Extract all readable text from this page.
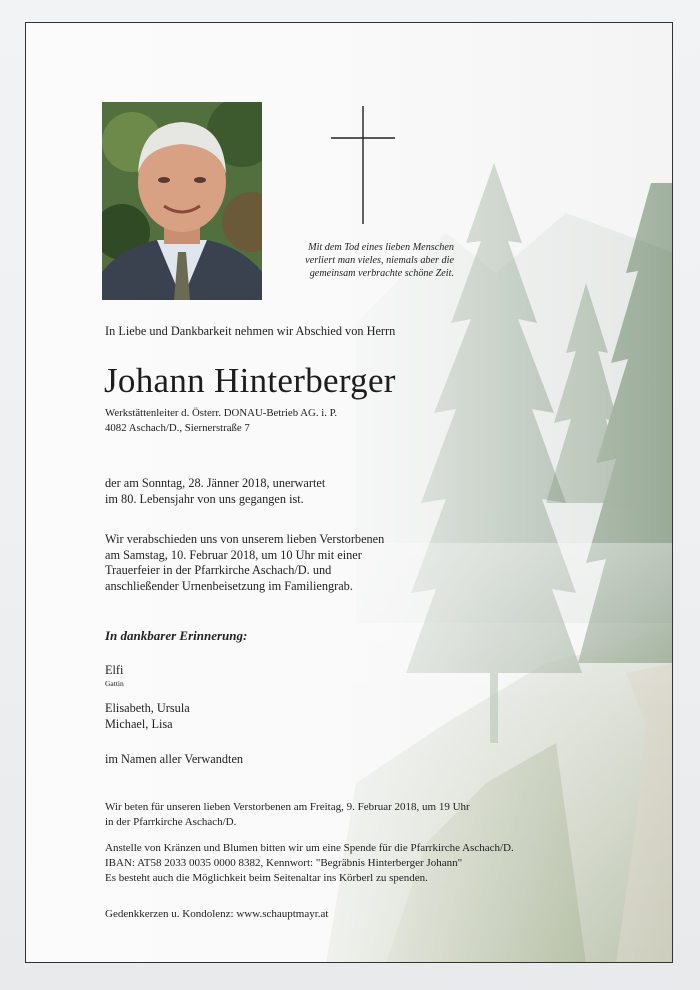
Mit dem Tod eines lieben Menschen
verliert man vieles, niemals aber die
gemeinsam verbrachte schöne Zeit.
In Liebe und Dankbarkeit nehmen wir Abschied von Herrn
Johann Hinterberger
Werkstättenleiter d. Österr. DONAU-Betrieb AG. i. P.
4082 Aschach/D., Siernerstraße 7
der am Sonntag, 28. Jänner 2018, unerwartet
im 80. Lebensjahr von uns gegangen ist.
Wir verabschieden uns von unserem lieben Verstorbenen
am Samstag, 10. Februar 2018, um 10 Uhr mit einer
Trauerfeier in der Pfarrkirche Aschach/D. und
anschließender Urnenbeisetzung im Familiengrab.
In dankbarer Erinnerung:
Elfi
Gattin
Elisabeth, Ursula
Michael, Lisa
im Namen aller Verwandten
Wir beten für unseren lieben Verstorbenen am Freitag, 9. Februar 2018, um 19 Uhr
in der Pfarrkirche Aschach/D.
Anstelle von Kränzen und Blumen bitten wir um eine Spende für die Pfarrkirche Aschach/D.
IBAN: AT58 2033 0035 0000 8382, Kennwort: "Begräbnis Hinterberger Johann"
Es besteht auch die Möglichkeit beim Seitenaltar ins Körberl zu spenden.
Gedenkkerzen u. Kondolenz: www.schauptmayr.at
